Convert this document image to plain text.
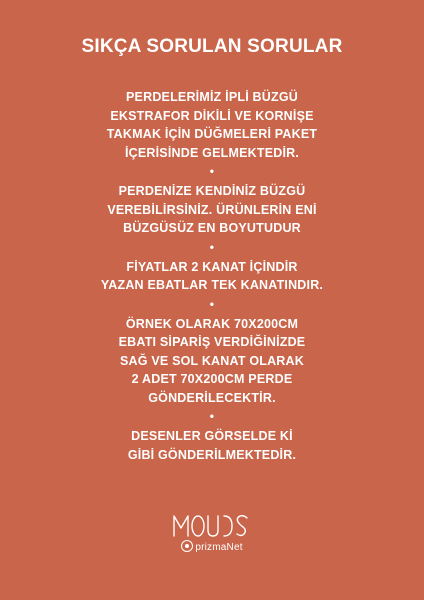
SIKÇA SORULAN SORULAR
PERDELERİMİZ İPLİ BÜZGÜ
EKSTRAFOR DİKİLİ VE KORNİŞE
TAKMAK İÇİN DÜĞMELERİ PAKET
İÇERİSİNDE GELMEKTEDİR.
•
PERDENİZE KENDİNİZ BÜZGÜ
VEREBİLİRSİNİZ. ÜRÜNLERİN ENİ
BÜZGÜSÜZ EN BOYUTUDUR
•
FİYATLAR 2 KANAT İÇİNDİR
YAZAN EBATLAR TEK KANATINDIR.
•
ÖRNEK OLARAK 70X200CM
EBATI SİPARİŞ VERDİĞİNİZDE
SAĞ VE SOL KANAT OLARAK
2 ADET 70X200CM PERDE
GÖNDERİLECEKTİR.
•
DESENLER GÖRSELDE Kİ
GİBİ GÖNDERİLMEKTEDİR.
prizmaNet
